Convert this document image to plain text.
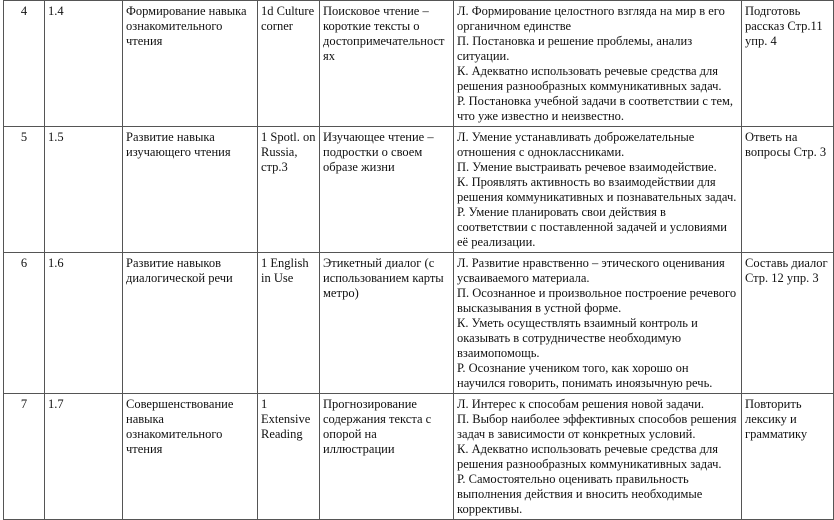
4	1.4	Формирование навыка ознакомительного чтения	1d Culture corner	Поисковое чтение – короткие тексты о достопримечательностях	Л. Формирование целостного взгляда на мир в его органичном единстве
П. Постановка и решение проблемы, анализ ситуации.
К. Адекватно использовать речевые средства для решения разнообразных коммуникативных задач.
Р. Постановка учебной задачи в соответствии с тем, что уже известно и неизвестно.	Подготовь рассказ Стр.11 упр. 4
5	1.5	Развитие навыка изучающего чтения	1 Spotl. on Russia, стр.3	Изучающее чтение – подростки о своем образе жизни	Л. Умение устанавливать доброжелательные отношения с одноклассниками.
П. Умение выстраивать речевое взаимодействие.
К. Проявлять активность во взаимодействии для решения коммуникативных и познавательных задач.
Р. Умение планировать свои действия в соответствии с поставленной задачей и условиями её реализации.	Ответь на вопросы Стр. 3
6	1.6	Развитие навыков диалогической речи	1 English in Use	Этикетный диалог (с использованием карты метро)	Л. Развитие нравственно – этического оценивания усваиваемого материала.
П. Осознанное и произвольное построение речевого высказывания в устной форме.
К. Уметь осуществлять взаимный контроль и оказывать в сотрудничестве необходимую взаимопомощь.
Р. Осознание учеником того, как хорошо он научился говорить, понимать иноязычную речь.	Составь диалог Стр. 12 упр. 3
7	1.7	Совершенствование навыка ознакомительного чтения	1 Extensive Reading	Прогнозирование содержания текста с опорой на иллюстрации	Л. Интерес к способам решения новой задачи.
П. Выбор наиболее эффективных способов решения задач в зависимости от конкретных условий.
К. Адекватно использовать речевые средства для решения разнообразных коммуникативных задач.
Р. Самостоятельно оценивать правильность выполнения действия и вносить необходимые коррективы.	Повторить лексику и грамматику
